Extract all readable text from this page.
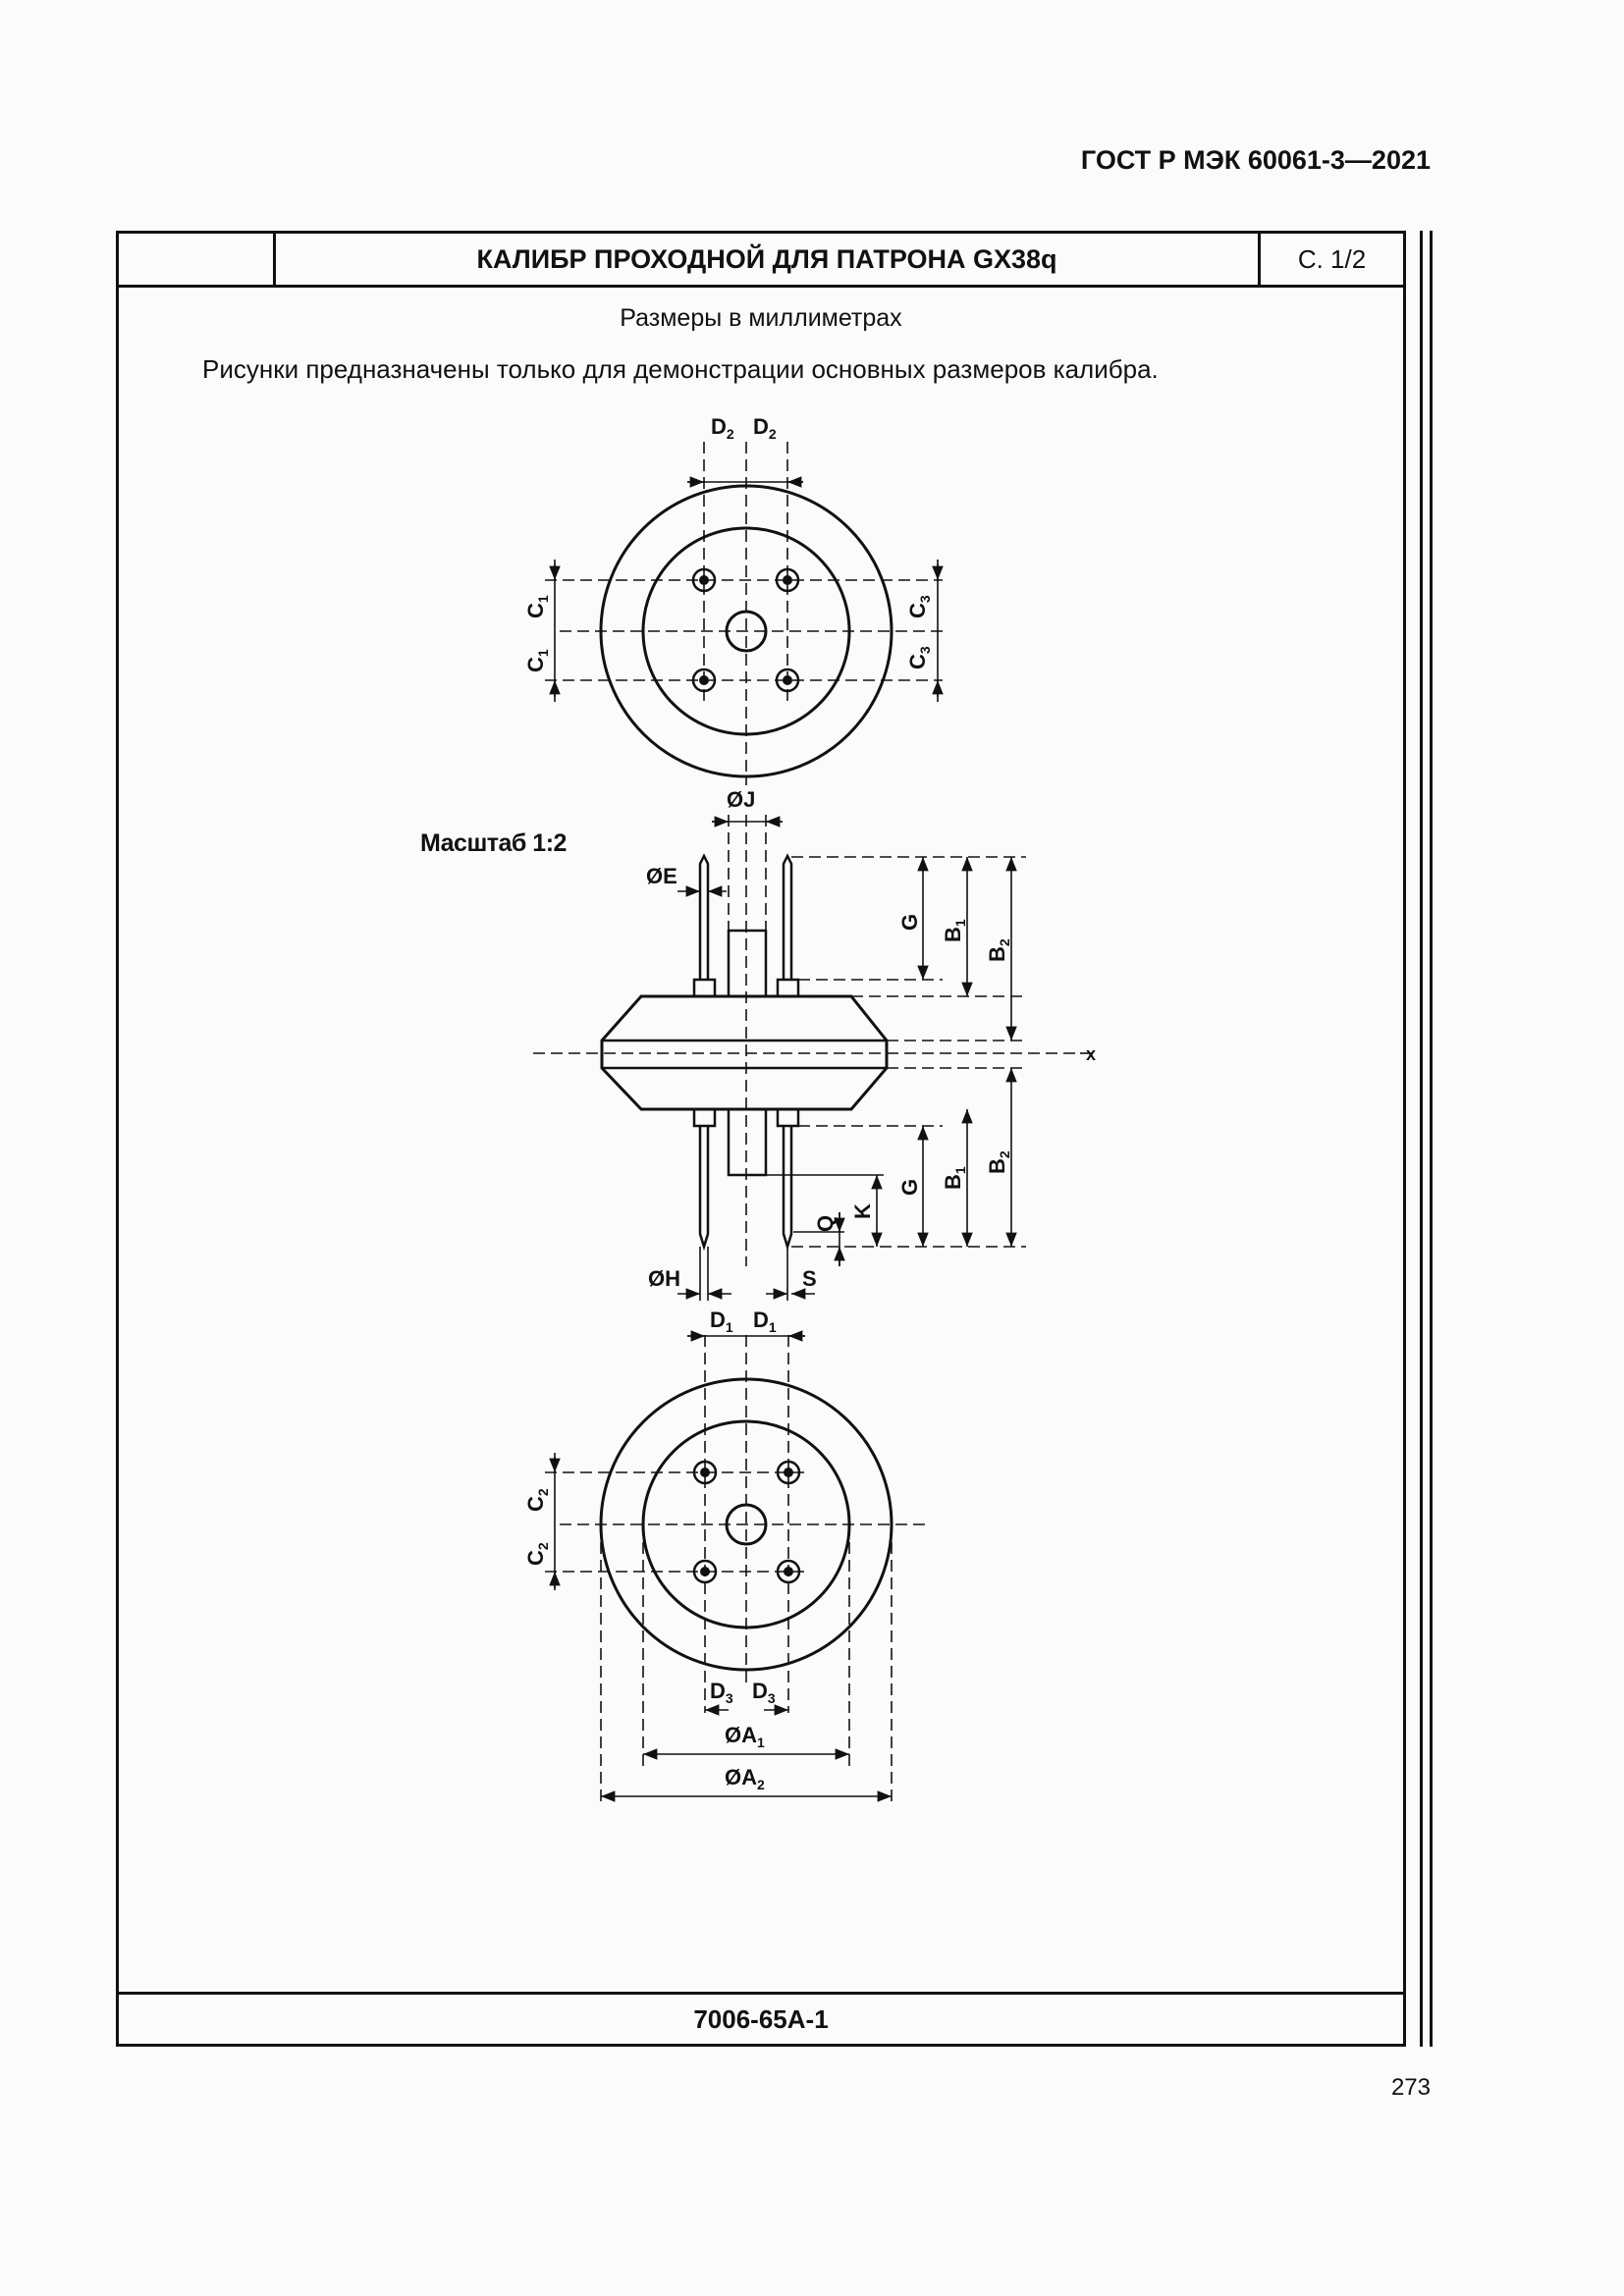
ГОСТ Р МЭК 60061-3—2021
КАЛИБР ПРОХОДНОЙ ДЛЯ ПАТРОНА GX38q	С. 1/2
Размеры в миллиметрах
Рисунки предназначены только для демонстрации основных размеров калибра.
Масштаб 1:2
7006-65A-1
$D_2$ $D_2$
$C_1$
$C_1$
$C_3$
$C_3$
ØJ
ØE
G
$B_1$
$B_2$
x
G $B_1$ $B_2$
K
Q
ØH	S
$D_1$ $D_1$
$C_2$
$C_2$
$D_3$ $D_3$
$ØA_1$
$ØA_2$
273
